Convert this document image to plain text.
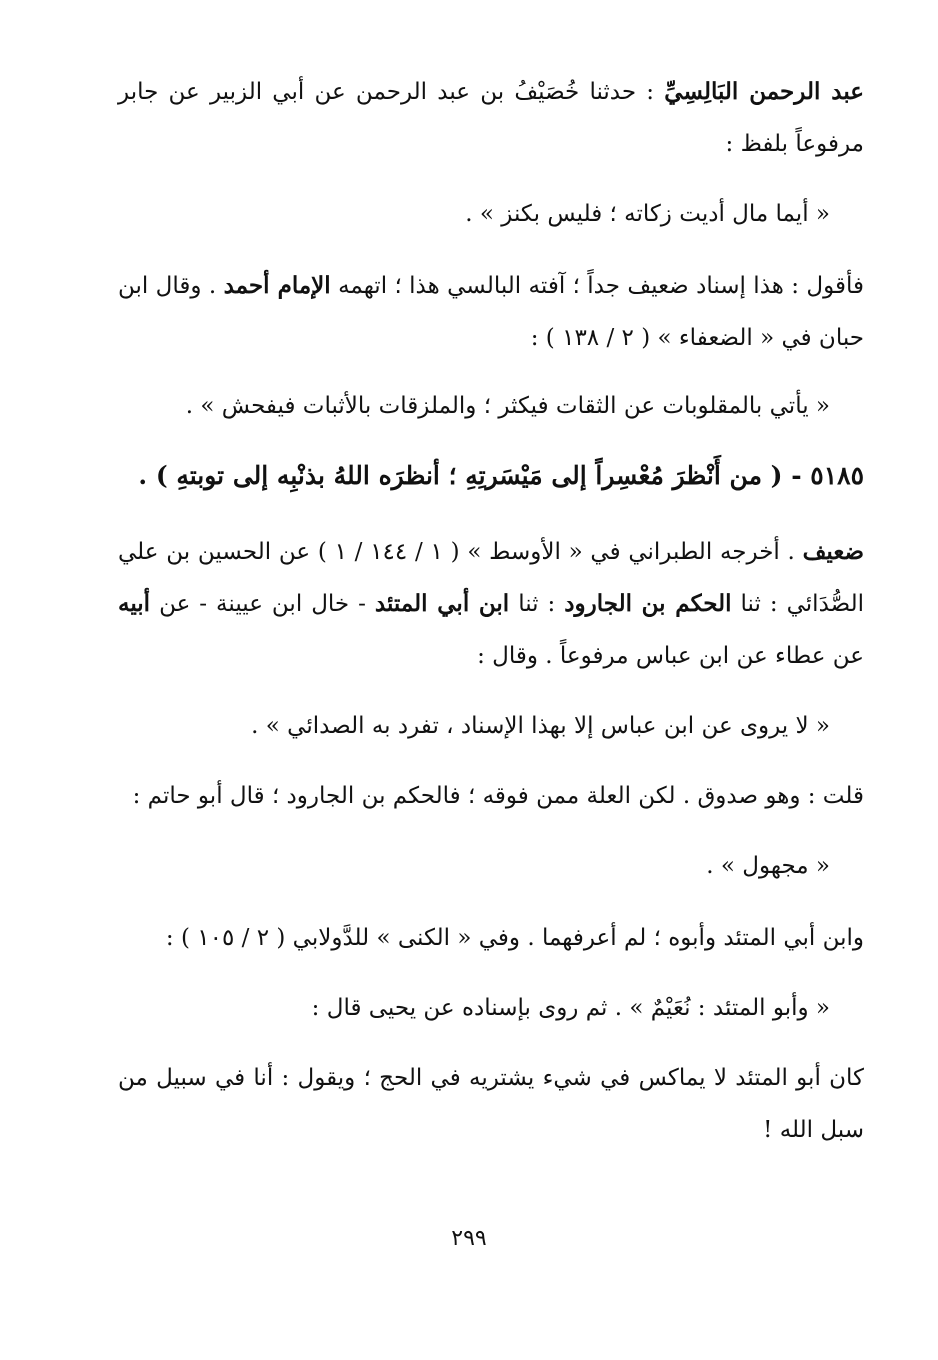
عبد الرحمن البَالِسِيِّ : حدثنا خُصَيْفُ بن عبد الرحمن عن أبي الزبير عن جابر مرفوعاً بلفظ :
« أيما مال أديت زكاته ؛ فليس بكنز » .
فأقول : هذا إسناد ضعيف جداً ؛ آفته البالسي هذا ؛ اتهمه الإمام أحمد . وقال ابن حبان في « الضعفاء » ( ٢ / ١٣٨ ) :
« يأتي بالمقلوبات عن الثقات فيكثر ؛ والملزقات بالأثبات فيفحش » .
٥١٨٥ - ( من أَنْظرَ مُعْسِراً إلى مَيْسَرتِهِ ؛ أنظرَه اللهُ بذنْبِه إلى توبتهِ ) .
ضعيف . أخرجه الطبراني في « الأوسط » ( ١ / ١٤٤ / ١ ) عن الحسين بن علي الصُّدَائي : ثنا الحكم بن الجارود : ثنا ابن أبي المتئد - خال ابن عيينة - عن أبيه عن عطاء عن ابن عباس مرفوعاً . وقال :
« لا يروى عن ابن عباس إلا بهذا الإسناد ، تفرد به الصدائي » .
قلت : وهو صدوق . لكن العلة ممن فوقه ؛ فالحكم بن الجارود ؛ قال أبو حاتم :
« مجهول » .
وابن أبي المتئد وأبوه ؛ لم أعرفهما . وفي « الكنى » للدَّولابي ( ٢ / ١٠٥ ) :
« وأبو المتئد : نُعَيْمٌ » . ثم روى بإسناده عن يحيى قال :
كان أبو المتئد لا يماكس في شيء يشتريه في الحج ؛ ويقول : أنا في سبيل من سبل الله !
٢٩٩
